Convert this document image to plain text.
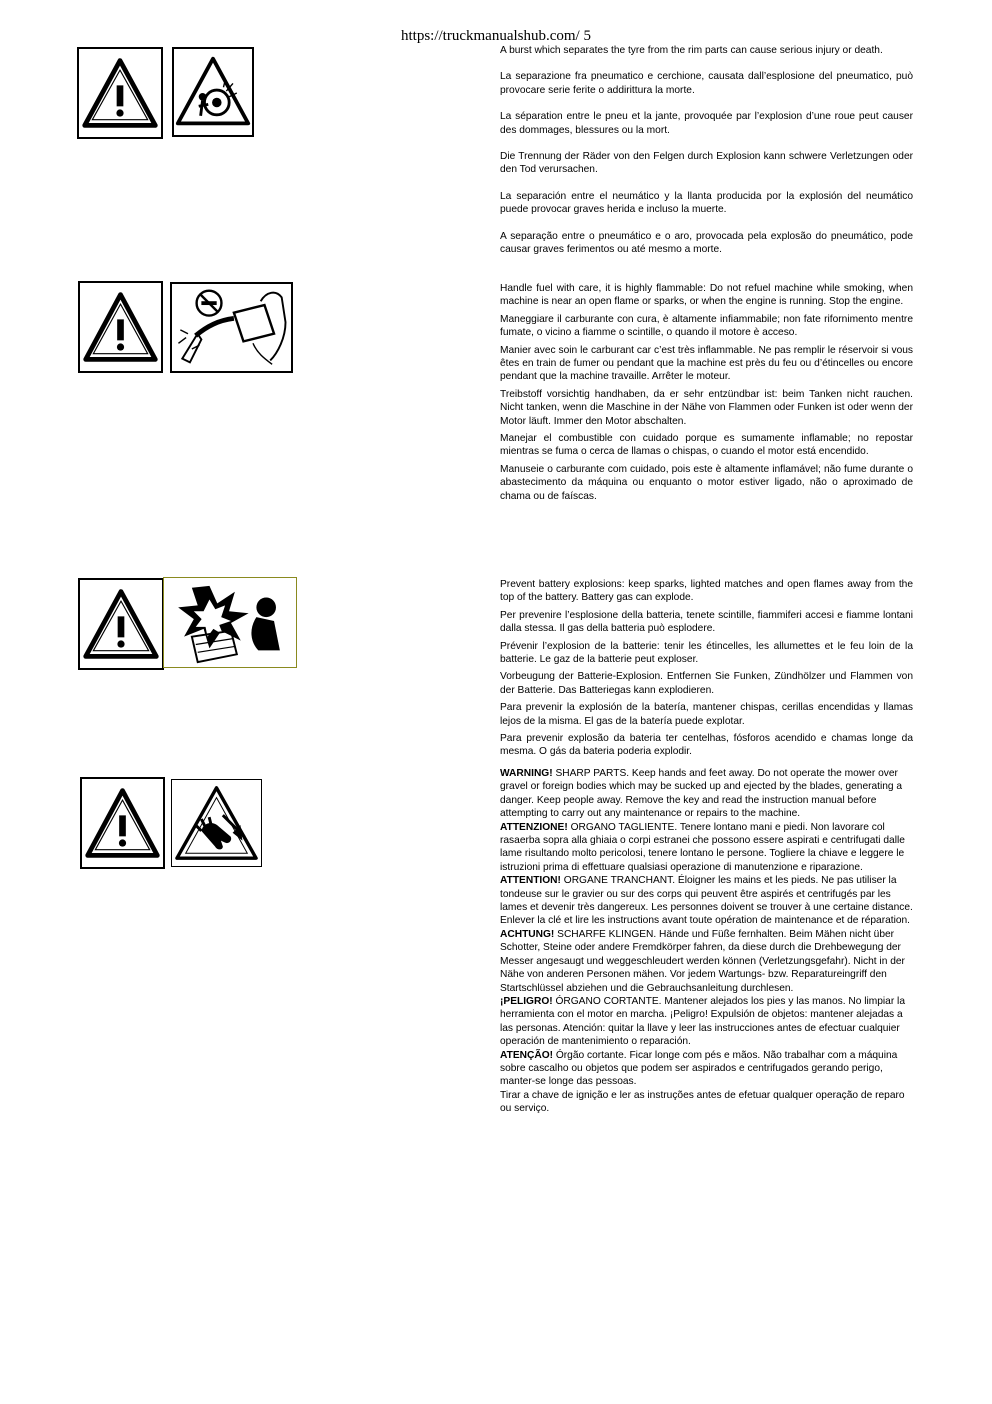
https://truckmanualshub.com/ 5

A burst which separates the tyre from the rim parts can cause serious injury or death.

La separazione fra pneumatico e cerchione, causata dall’esplosione del pneumatico, può provocare serie ferite o addirittura la morte.

La séparation entre le pneu et la jante, provoquée par l’explosion d’une roue peut causer des dommages, blessures ou la mort.

Die Trennung der Räder von den Felgen durch Explosion kann schwere Verletzungen oder den Tod verursachen.

La separación entre el neumático y la llanta producida por la explosión del neumático puede provocar graves herida e incluso la muerte.

A separação entre o pneumático e o aro, provocada pela explosão do pneumático, pode causar graves ferimentos ou até mesmo a morte.

Handle fuel with care, it is highly flammable: Do not refuel machine while smoking, when machine is near an open flame or sparks, or when the engine is running. Stop the engine.

Maneggiare il carburante con cura, è altamente infiammabile; non fate rifornimento mentre fumate, o vicino a fiamme o scintille, o quando il motore è acceso.

Manier avec soin le carburant car c’est très inflammable. Ne pas remplir le réservoir si vous êtes en train de fumer ou pendant que la machine est près du feu ou d’étincelles ou encore pendant que la machine travaille. Arrêter le moteur.

Treibstoff vorsichtig handhaben, da er sehr entzündbar ist: beim Tanken nicht rauchen. Nicht tanken, wenn die Maschine in der Nähe von Flammen oder Funken ist oder wenn der Motor läuft. Immer den Motor abschalten.

Manejar el combustible con cuidado porque es sumamente inflamable; no repostar mientras se fuma o cerca de llamas o chispas, o cuando el motor está encendido.

Manuseie o carburante com cuidado, pois este è altamente inflamável; não fume durante o abastecimento da máquina ou enquanto o motor estiver ligado, não o aproximado de chama ou de faíscas.

Prevent battery explosions: keep sparks, lighted matches and open flames away from the top of the battery. Battery gas can explode.

Per prevenire l’esplosione della batteria, tenete scintille, fiammiferi accesi e fiamme lontani dalla stessa. Il gas della batteria può esplodere.

Prévenir l’explosion de la batterie: tenir les étincelles, les allumettes et le feu loin de la batterie. Le gaz de la batterie peut exploser.

Vorbeugung der Batterie-Explosion. Entfernen Sie Funken, Zündhölzer und Flammen von der Batterie. Das Batteriegas kann explodieren.

Para prevenir la explosión de la batería, mantener chispas, cerillas encendidas y llamas lejos de la misma. El gas de la batería puede explotar.

Para prevenir explosão da bateria ter centelhas, fósforos acendido e chamas longe da mesma. O gás da bateria poderia explodir.

WARNING! SHARP PARTS. Keep hands and feet away. Do not operate the mower over gravel or foreign bodies which may be sucked up and ejected by the blades, generating a danger. Keep people away. Remove the key and read the instruction manual before attempting to carry out any maintenance or repairs to the machine.

ATTENZIONE! ORGANO TAGLIENTE. Tenere lontano mani e piedi. Non lavorare col rasaerba sopra alla ghiaia o corpi estranei che possono essere aspirati e centrifugati dalle lame risultando molto pericolosi, tenere lontano le persone. Togliere la chiave e leggere le istruzioni prima di effettuare qualsiasi operazione di manutenzione e riparazione.

ATTENTION! ORGANE TRANCHANT. Éloigner les mains et les pieds. Ne pas utiliser la tondeuse sur le gravier ou sur des corps qui peuvent être aspirés et centrifugés par les lames et devenir très dangereux. Les personnes doivent se trouver à une certaine distance. Enlever la clé et lire les instructions avant toute opération de maintenance et de réparation.

ACHTUNG! SCHARFE KLINGEN. Hände und Füße fernhalten. Beim Mähen nicht über Schotter, Steine oder andere Fremdkörper fahren, da diese durch die Drehbewegung der Messer angesaugt und weggeschleudert werden können (Verletzungsgefahr). Nicht in der Nähe von anderen Personen mähen. Vor jedem Wartungs- bzw. Reparatureingriff den Startschlüssel abziehen und die Gebrauchsanleitung durchlesen.

¡PELIGRO! ÓRGANO CORTANTE. Mantener alejados los pies y las manos. No limpiar la herramienta con el motor en marcha. ¡Peligro! Expulsión de objetos: mantener alejadas a las personas. Atención: quitar la llave y leer las instrucciones antes de efectuar cualquier operación de mantenimiento o reparación.

ATENÇÃO! Órgão cortante. Ficar longe com pés e mãos. Não trabalhar com a máquina sobre cascalho ou objetos que podem ser aspirados e centrifugados gerando perigo, manter-se longe das pessoas.

Tirar a chave de ignição e ler as instruções antes de efetuar qualquer operação de reparo ou serviço.
